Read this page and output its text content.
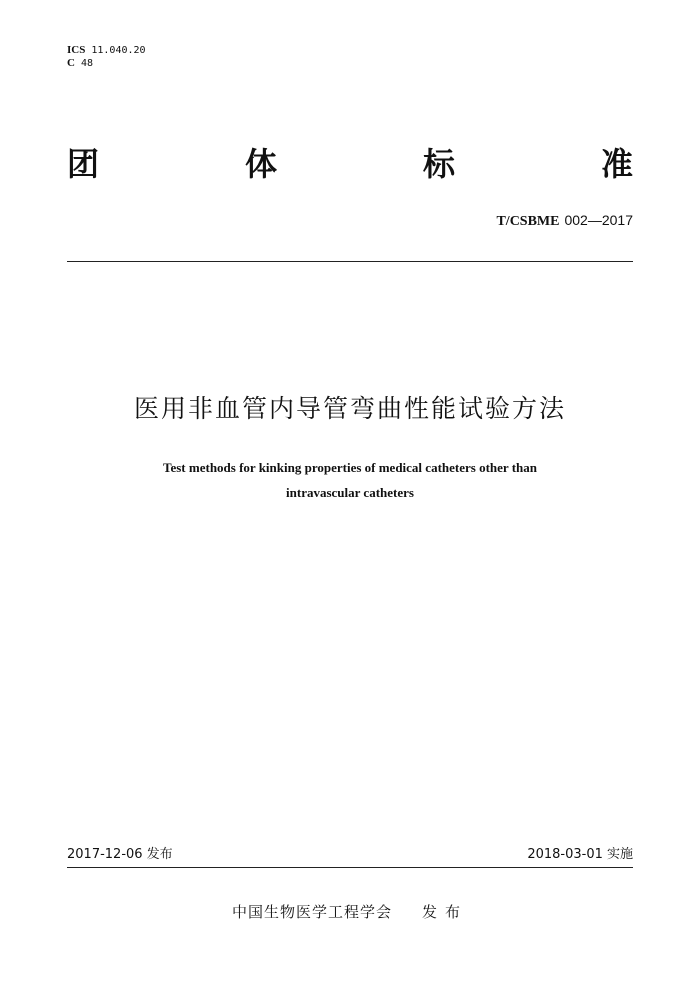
ICS 11.040.20
C 48
团	体	标	准
T/CSBME 002—2017
医用非血管内导管弯曲性能试验方法
Test methods for kinking properties of medical catheters other than
intravascular catheters
2017-12-06 发布	2018-03-01 实施
中国生物医学工程学会 发布
